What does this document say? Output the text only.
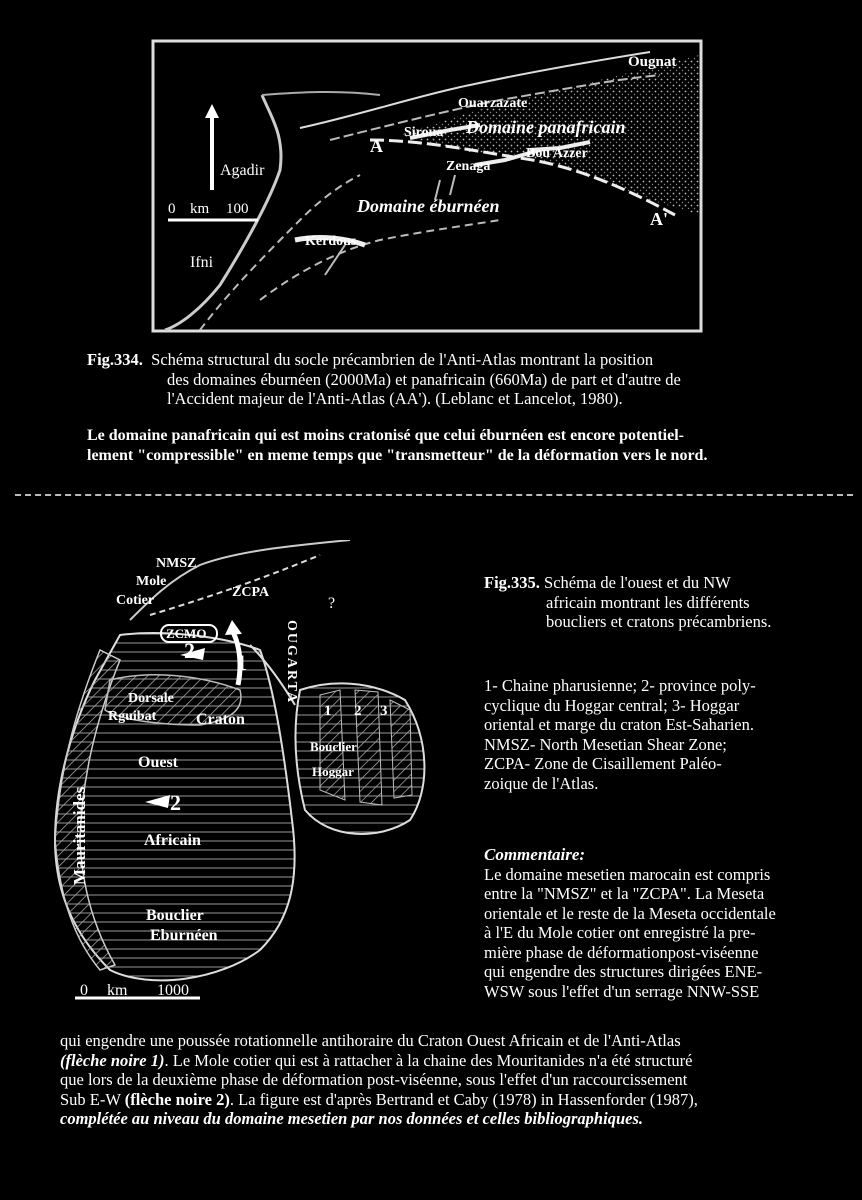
Ougnat
Ouarzazate
Siroua Domaine panafricain
Agadir
A
Zenaga
Bou Azzer
0 km 100	Domaine éburnéen
A'
Kerdous
Ifni
Fig.334. Schéma structural du socle précambrien de l'Anti-Atlas montrant la position
des domaines éburnéen (2000Ma) et panafricain (660Ma) de part et d'autre de
l'Accident majeur de l'Anti-Atlas (AA'). (Leblanc et Lancelot, 1980).
Le domaine panafricain qui est moins cratonisé que celui éburnéen est encore potentiel-
lement "compressible" en meme temps que "transmetteur" de la déformation vers le nord.
NMSZ
Mole
Cotier
ZCPA
?
ZCMO
2 1	OUGARTA
Dorsale
Rguibat Craton
Ouest
Mauritanides	2
Africain
1 2 3
Bouclier
Hoggar
Bouclier
Eburnéen
0 km 1000
Fig.335. Schéma de l'ouest et du NW
africain montrant les différents
boucliers et cratons précambriens.
1- Chaine pharusienne; 2- province poly-
cyclique du Hoggar central; 3- Hoggar
oriental et marge du craton Est-Saharien.
NMSZ- North Mesetian Shear Zone;
ZCPA- Zone de Cisaillement Paléo-
zoique de l'Atlas.
Commentaire:
Le domaine mesetien marocain est compris
entre la "NMSZ" et la "ZCPA". La Meseta
orientale et le reste de la Meseta occidentale
à l'E du Mole cotier ont enregistré la pre-
mière phase de déformationpost-viséenne
qui engendre des structures dirigées ENE-
WSW sous l'effet d'un serrage NNW-SSE
qui engendre une poussée rotationnelle antihoraire du Craton Ouest Africain et de l'Anti-Atlas
(flèche noire 1). Le Mole cotier qui est à rattacher à la chaine des Mouritanides n'a été structuré
que lors de la deuxième phase de déformation post-viséenne, sous l'effet d'un raccourcissement
Sub E-W (flèche noire 2). La figure est d'après Bertrand et Caby (1978) in Hassenforder (1987),
complétée au niveau du domaine mesetien par nos données et celles bibliographiques.
